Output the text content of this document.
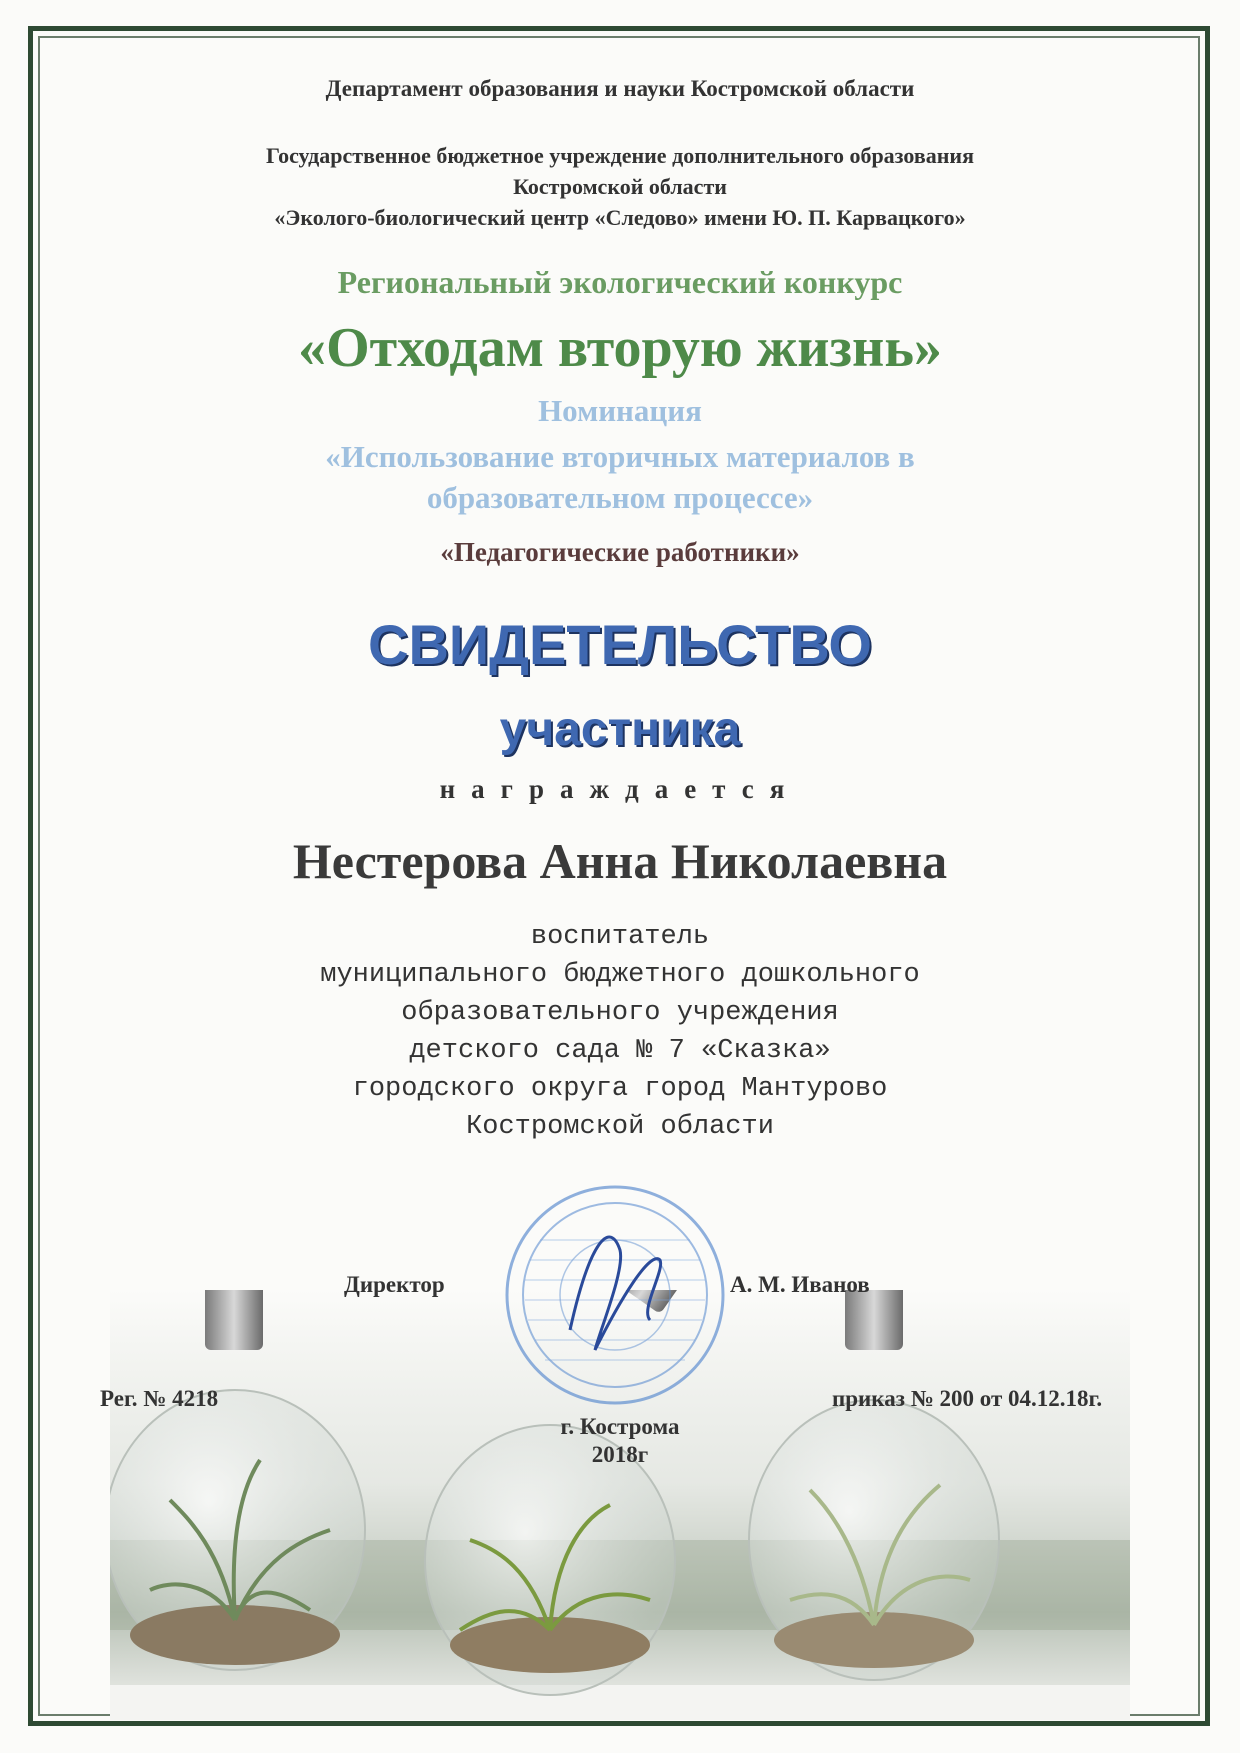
Департамент образования и науки Костромской области
Государственное бюджетное учреждение дополнительного образования
Костромской области
«Эколого-биологический центр «Следово» имени Ю. П. Карвацкого»
Региональный экологический конкурс
«Отходам вторую жизнь»
Номинация
«Использование вторичных материалов в
образовательном процессе»
«Педагогические работники»
СВИДЕТЕЛЬСТВО
участника
награждается
Нестерова Анна Николаевна
воспитатель
муниципального бюджетного дошкольного
образовательного учреждения
детского сада № 7 «Сказка»
городского округа город Мантурово
Костромской области
Директор	А. М. Иванов
Рег. № 4218	приказ № 200 от 04.12.18г.
г. Кострома
2018г
